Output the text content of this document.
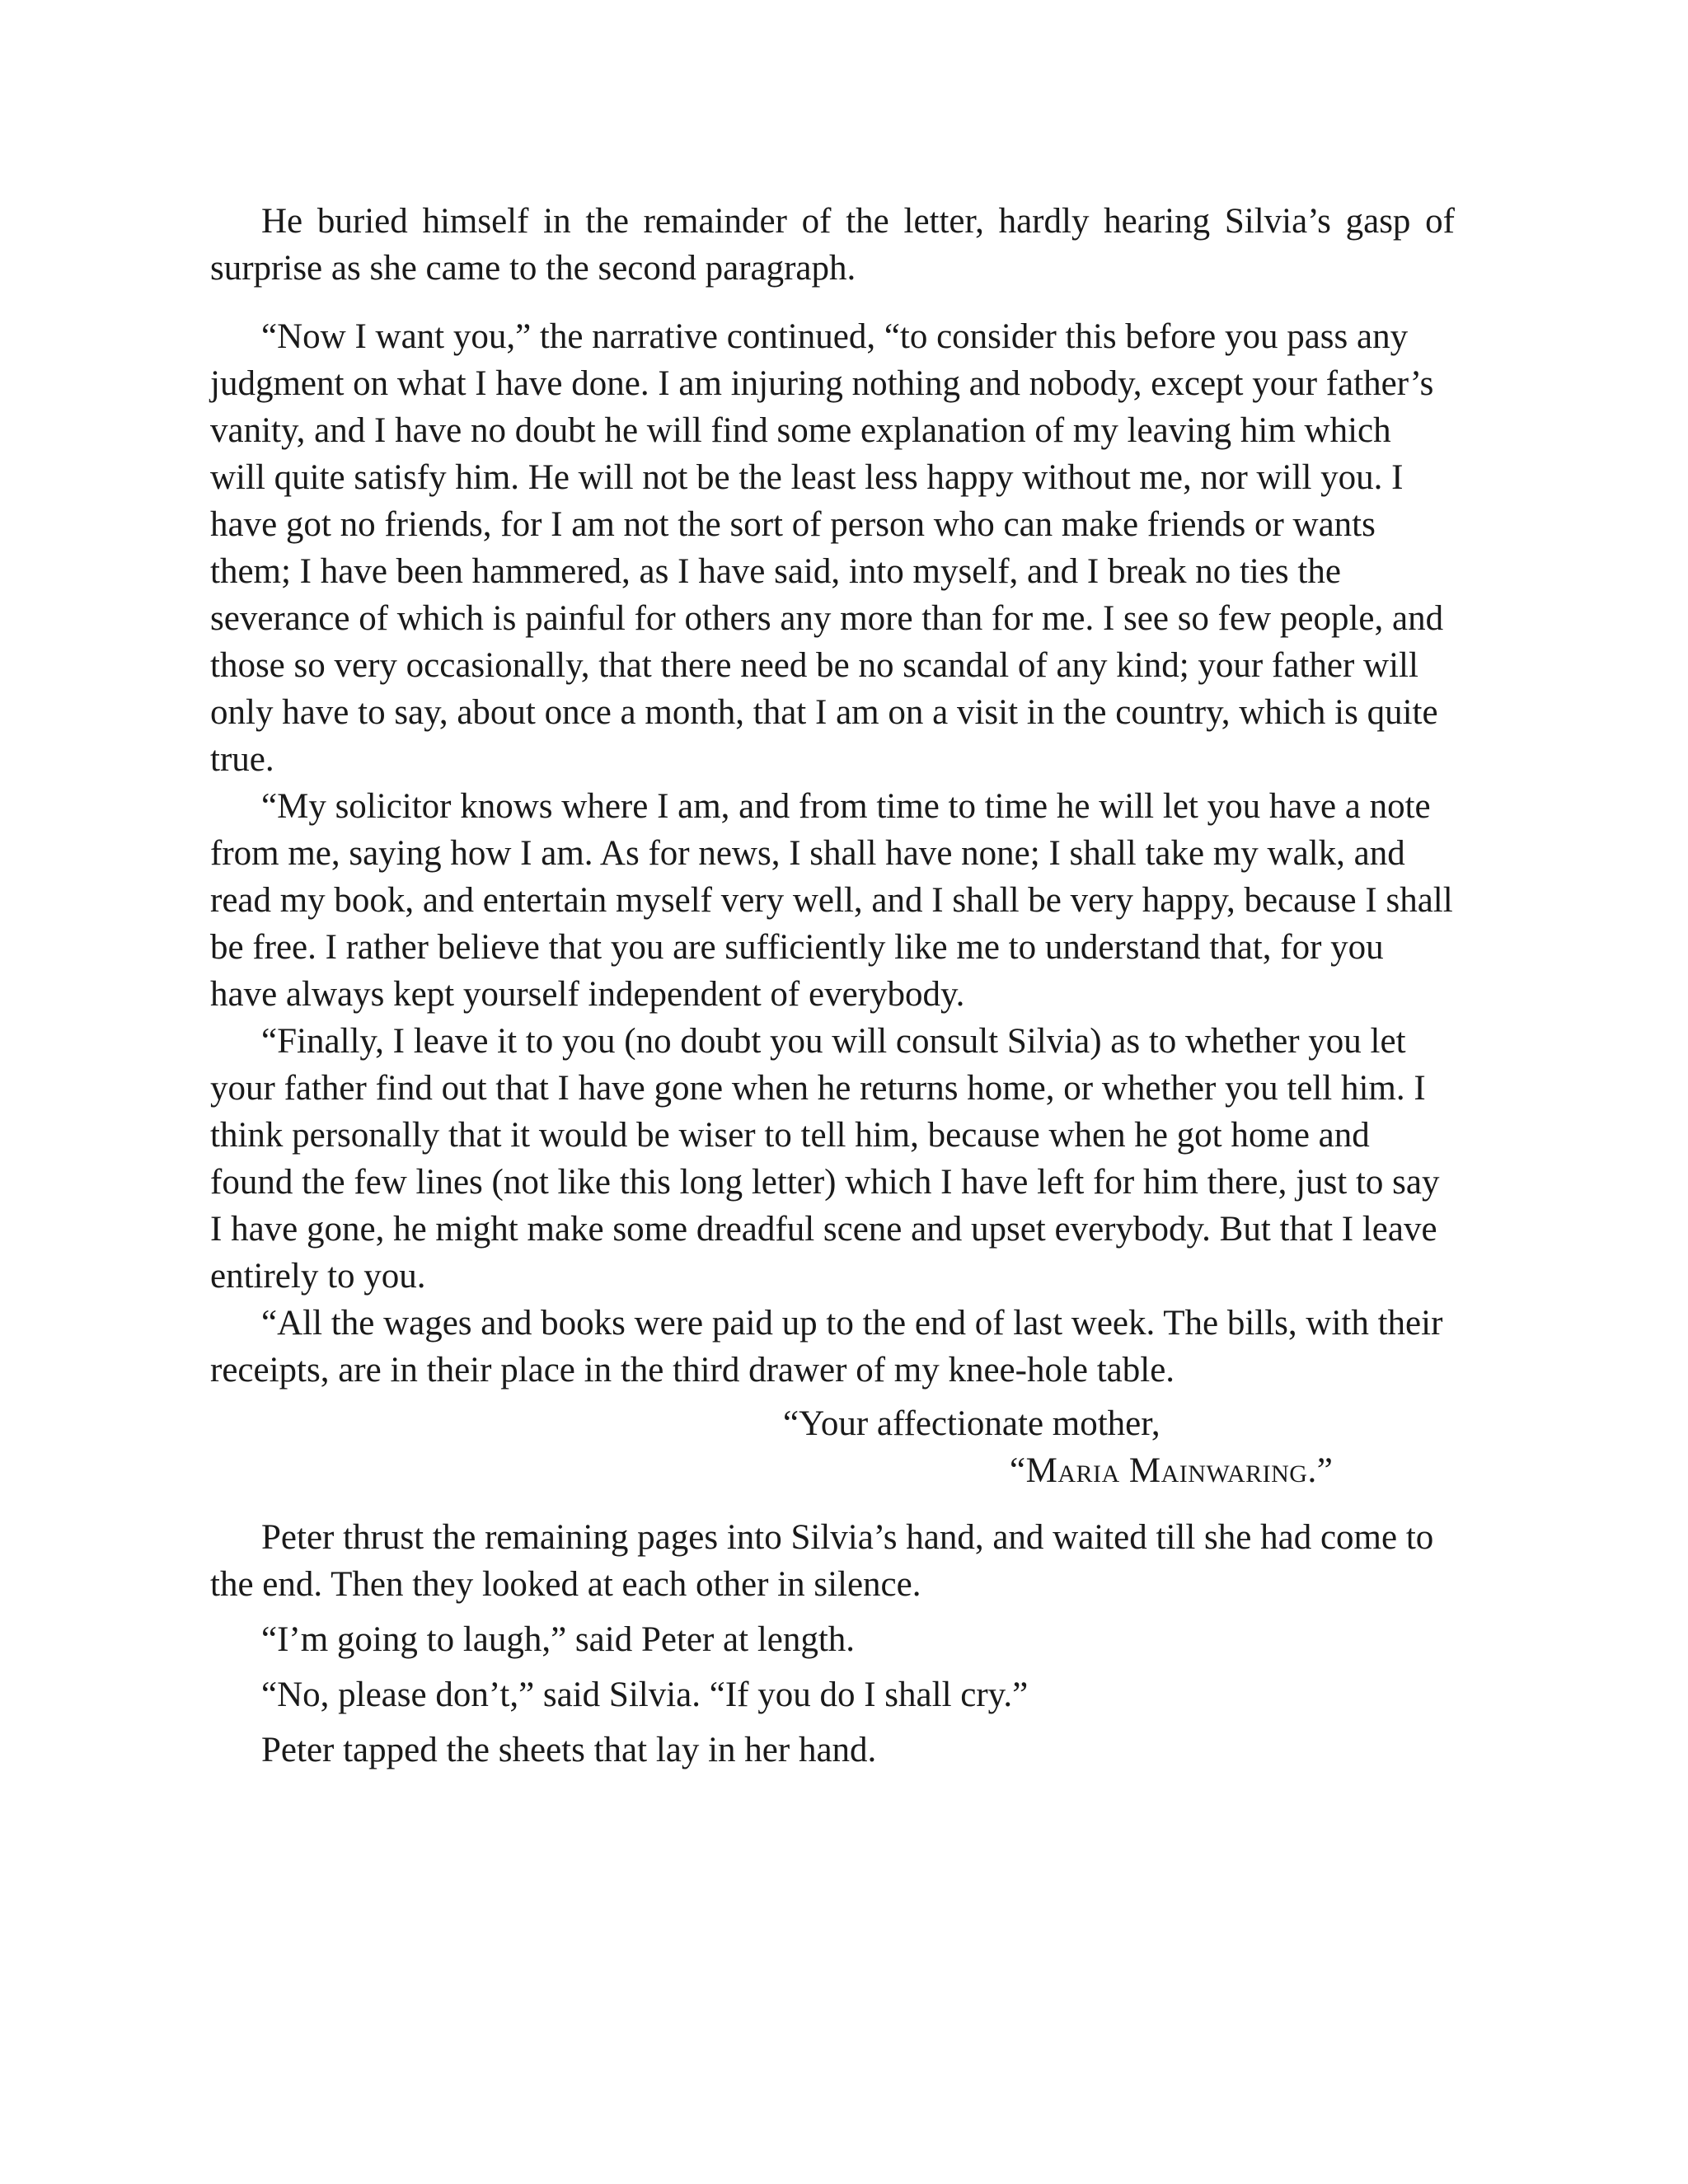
He buried himself in the remainder of the letter, hardly hearing Silvia’s gasp of surprise as she came to the second paragraph.

“Now I want you,” the narrative continued, “to consider this before you pass any judgment on what I have done. I am injuring nothing and nobody, except your father’s vanity, and I have no doubt he will find some explanation of my leaving him which will quite satisfy him. He will not be the least less happy without me, nor will you. I have got no friends, for I am not the sort of person who can make friends or wants them; I have been hammered, as I have said, into myself, and I break no ties the severance of which is painful for others any more than for me. I see so few people, and those so very occasionally, that there need be no scandal of any kind; your father will only have to say, about once a month, that I am on a visit in the country, which is quite true.

“My solicitor knows where I am, and from time to time he will let you have a note from me, saying how I am. As for news, I shall have none; I shall take my walk, and read my book, and entertain myself very well, and I shall be very happy, because I shall be free. I rather believe that you are sufficiently like me to understand that, for you have always kept yourself independent of everybody.

“Finally, I leave it to you (no doubt you will consult Silvia) as to whether you let your father find out that I have gone when he returns home, or whether you tell him. I think personally that it would be wiser to tell him, because when he got home and found the few lines (not like this long letter) which I have left for him there, just to say I have gone, he might make some dreadful scene and upset everybody. But that I leave entirely to you.

“All the wages and books were paid up to the end of last week. The bills, with their receipts, are in their place in the third drawer of my knee-hole table.

“Your affectionate mother,

“Maria Mainwaring.”

Peter thrust the remaining pages into Silvia’s hand, and waited till she had come to the end. Then they looked at each other in silence.

“I’m going to laugh,” said Peter at length.

“No, please don’t,” said Silvia. “If you do I shall cry.”

Peter tapped the sheets that lay in her hand.
